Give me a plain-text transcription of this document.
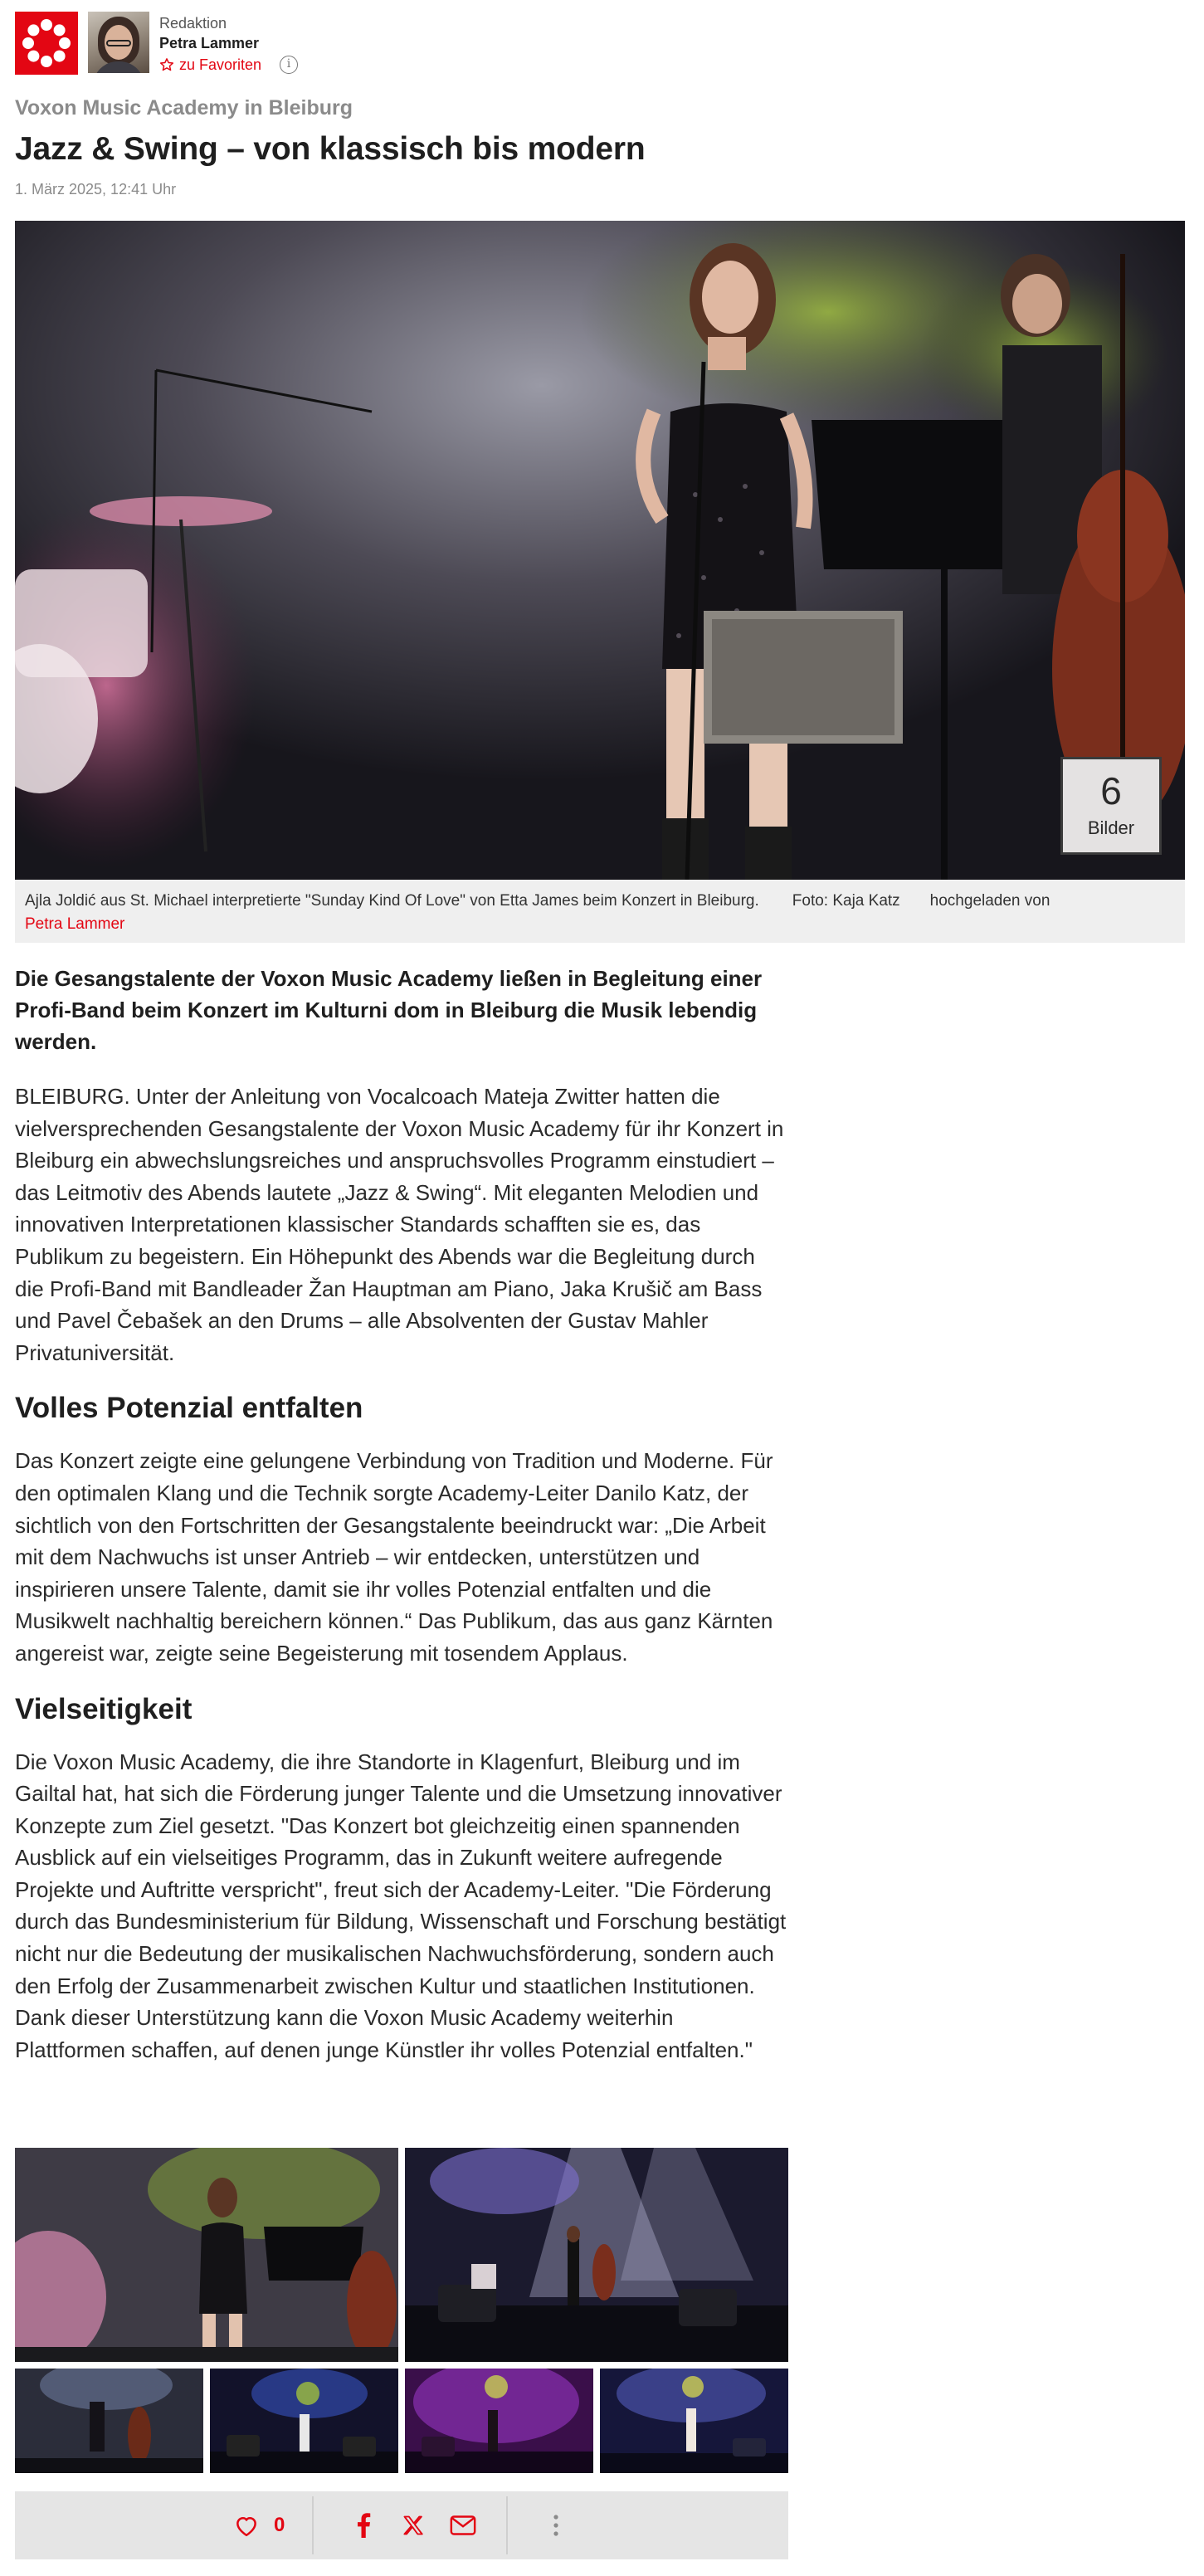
Redaktion
Petra Lammer
zu Favoriten	i
Voxon Music Academy in Bleiburg
Jazz & Swing – von klassisch bis modern
1. März 2025, 12:41 Uhr
6
Bilder
Ajla Joldić aus St. Michael interpretierte "Sunday Kind Of Love" von Etta James beim Konzert in Bleiburg. Foto: Kaja Katz hochgeladen von
Petra Lammer

Die Gesangstalente der Voxon Music Academy ließen in Begleitung einer Profi-Band beim Konzert im Kulturni dom in Bleiburg die Musik lebendig werden.

BLEIBURG. Unter der Anleitung von Vocalcoach Mateja Zwitter hatten die vielversprechenden Gesangstalente der Voxon Music Academy für ihr Konzert in Bleiburg ein abwechslungsreiches und anspruchsvolles Programm einstudiert – das Leitmotiv des Abends lautete „Jazz & Swing“. Mit eleganten Melodien und innovativen Interpretationen klassischer Standards schafften sie es, das Publikum zu begeistern. Ein Höhepunkt des Abends war die Begleitung durch die Profi-Band mit Bandleader Žan Hauptman am Piano, Jaka Krušič am Bass und Pavel Čebašek an den Drums – alle Absolventen der Gustav Mahler Privatuniversität.

Volles Potenzial entfalten

Das Konzert zeigte eine gelungene Verbindung von Tradition und Moderne. Für den optimalen Klang und die Technik sorgte Academy-Leiter Danilo Katz, der sichtlich von den Fortschritten der Gesangstalente beeindruckt war: „Die Arbeit mit dem Nachwuchs ist unser Antrieb – wir entdecken, unterstützen und inspirieren unsere Talente, damit sie ihr volles Potenzial entfalten und die Musikwelt nachhaltig bereichern können.“ Das Publikum, das aus ganz Kärnten angereist war, zeigte seine Begeisterung mit tosendem Applaus.

Vielseitigkeit

Die Voxon Music Academy, die ihre Standorte in Klagenfurt, Bleiburg und im Gailtal hat, hat sich die Förderung junger Talente und die Umsetzung innovativer Konzepte zum Ziel gesetzt. "Das Konzert bot gleichzeitig einen spannenden Ausblick auf ein vielseitiges Programm, das in Zukunft weitere aufregende Projekte und Auftritte verspricht", freut sich der Academy-Leiter. "Die Förderung durch das Bundesministerium für Bildung, Wissenschaft und Forschung bestätigt nicht nur die Bedeutung der musikalischen Nachwuchsförderung, sondern auch den Erfolg der Zusammenarbeit zwischen Kultur und staatlichen Institutionen. Dank dieser Unterstützung kann die Voxon Music Academy weiterhin Plattformen schaffen, auf denen junge Künstler ihr volles Potenzial entfalten."

0
